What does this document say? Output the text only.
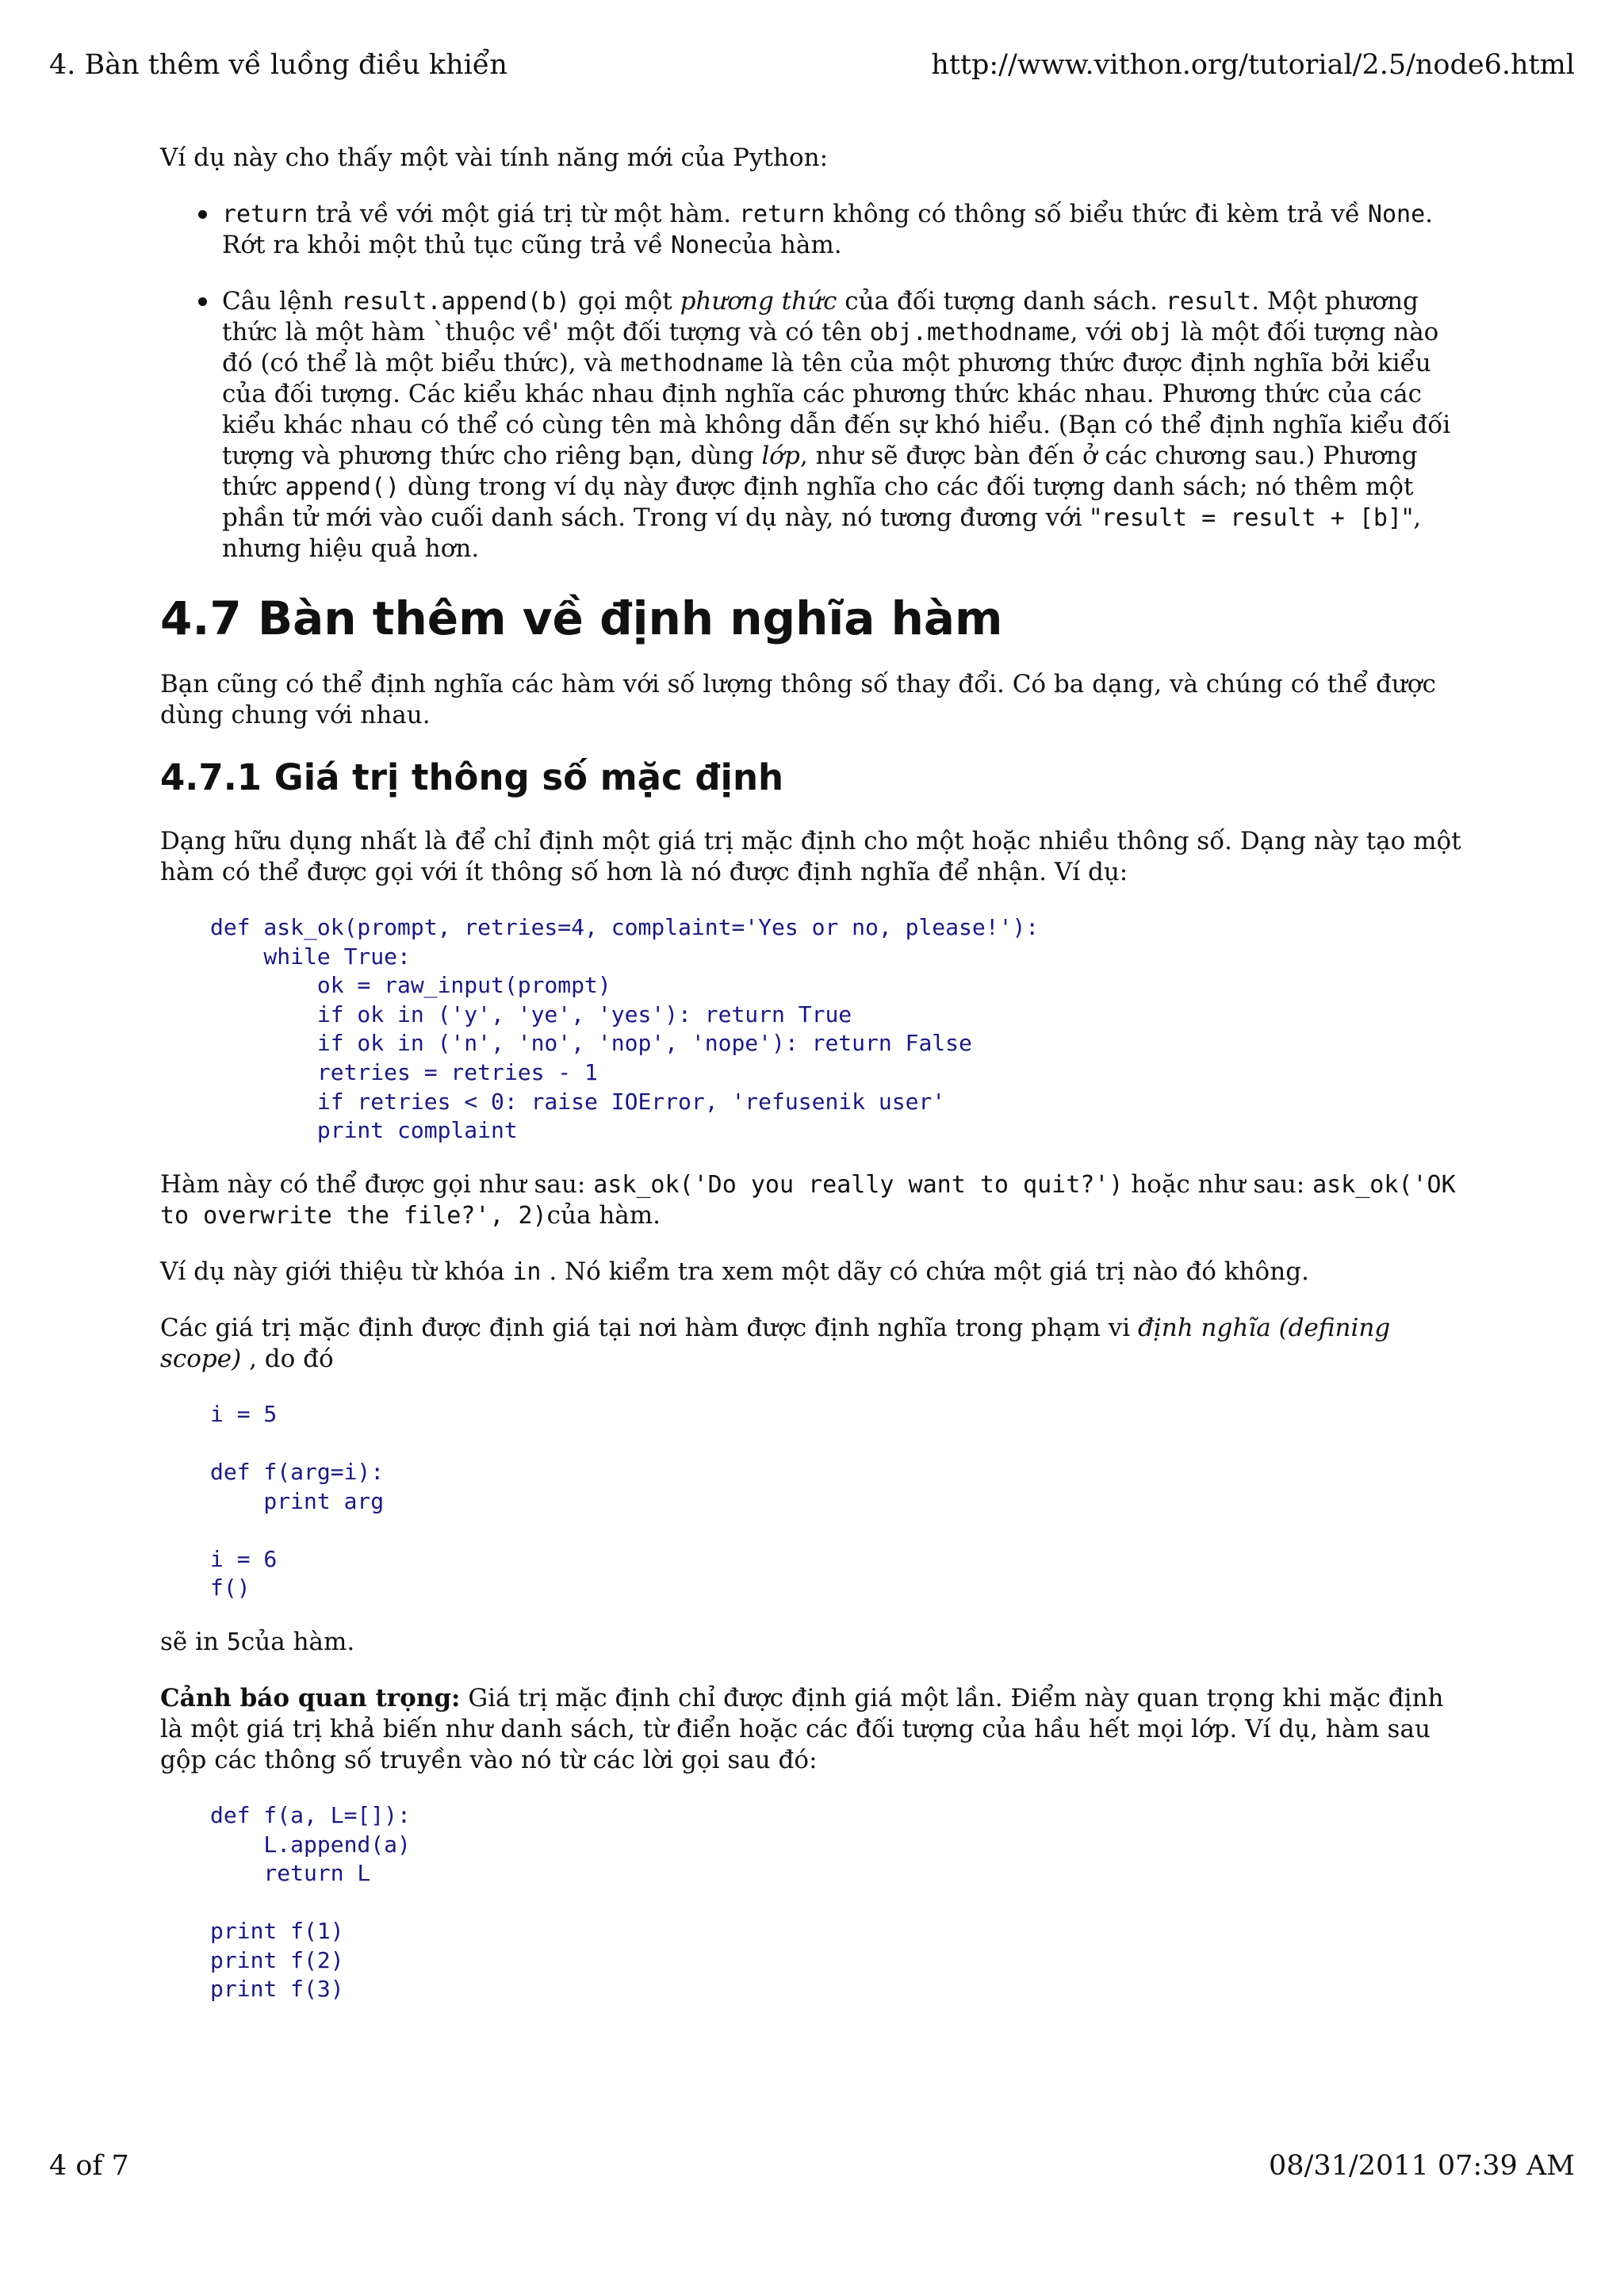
4. Bàn thêm về luồng điều khiển	http://www.vithon.org/tutorial/2.5/node6.html

Ví dụ này cho thấy một vài tính năng mới của Python:

return trả về với một giá trị từ một hàm. return không có thông số biểu thức đi kèm trả về None. Rớt ra khỏi một thủ tục cũng trả về Nonecủa hàm.
Câu lệnh result.append(b) gọi một phương thức của đối tượng danh sách. result. Một phương thức là một hàm `thuộc về' một đối tượng và có tên obj.methodname, với obj là một đối tượng nào đó (có thể là một biểu thức), và methodname là tên của một phương thức được định nghĩa bởi kiểu của đối tượng. Các kiểu khác nhau định nghĩa các phương thức khác nhau. Phương thức của các kiểu khác nhau có thể có cùng tên mà không dẫn đến sự khó hiểu. (Bạn có thể định nghĩa kiểu đối tượng và phương thức cho riêng bạn, dùng lớp, như sẽ được bàn đến ở các chương sau.) Phương thức append() dùng trong ví dụ này được định nghĩa cho các đối tượng danh sách; nó thêm một phần tử mới vào cuối danh sách. Trong ví dụ này, nó tương đương với "result = result + [b]", nhưng hiệu quả hơn.
4.7 Bàn thêm về định nghĩa hàm

Bạn cũng có thể định nghĩa các hàm với số lượng thông số thay đổi. Có ba dạng, và chúng có thể được dùng chung với nhau.

4.7.1 Giá trị thông số mặc định

Dạng hữu dụng nhất là để chỉ định một giá trị mặc định cho một hoặc nhiều thông số. Dạng này tạo một hàm có thể được gọi với ít thông số hơn là nó được định nghĩa để nhận. Ví dụ:

def ask_ok(prompt, retries=4, complaint='Yes or no, please!'):
while True:
ok = raw_input(prompt)
if ok in ('y', 'ye', 'yes'): return True
if ok in ('n', 'no', 'nop', 'nope'): return False
retries = retries - 1
if retries < 0: raise IOError, 'refusenik user'
print complaint

Hàm này có thể được gọi như sau: ask_ok('Do you really want to quit?') hoặc như sau: ask_ok('OK to overwrite the file?', 2)của hàm.

Ví dụ này giới thiệu từ khóa in . Nó kiểm tra xem một dãy có chứa một giá trị nào đó không.

Các giá trị mặc định được định giá tại nơi hàm được định nghĩa trong phạm vi định nghĩa (defining scope) , do đó

i = 5

def f(arg=i):
print arg

i = 6
f()

sẽ in 5của hàm.

Cảnh báo quan trọng: Giá trị mặc định chỉ được định giá một lần. Điểm này quan trọng khi mặc định là một giá trị khả biến như danh sách, từ điển hoặc các đối tượng của hầu hết mọi lớp. Ví dụ, hàm sau gộp các thông số truyền vào nó từ các lời gọi sau đó:

def f(a, L=[]):
L.append(a)
return L

print f(1)
print f(2)
print f(3)
4 of 7	08/31/2011 07:39 AM
